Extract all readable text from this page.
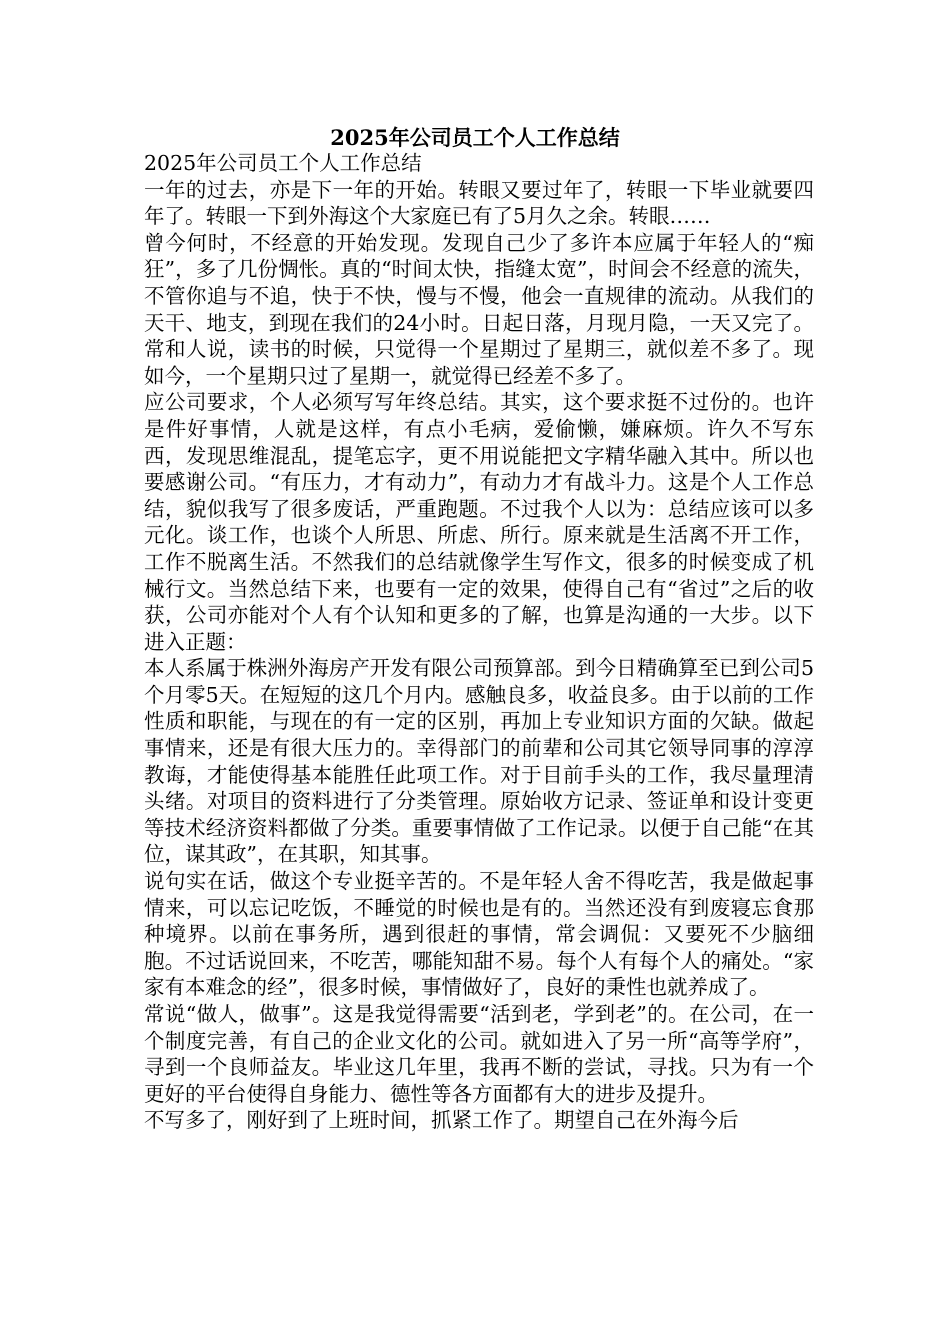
2025年公司员工个人工作总结

2025年公司员工个人工作总结

一年的过去，亦是下一年的开始。转眼又要过年了，转眼一下毕业就要四年了。转眼一下到外海这个大家庭已有了5月久之余。转眼……

曾今何时，不经意的开始发现。发现自己少了多许本应属于年轻人的“痴狂”，多了几份惆怅。真的“时间太快，指缝太宽”，时间会不经意的流失，不管你追与不追，快于不快，慢与不慢，他会一直规律的流动。从我们的天干、地支，到现在我们的24小时。日起日落，月现月隐，一天又完了。常和人说，读书的时候，只觉得一个星期过了星期三，就似差不多了。现如今，一个星期只过了星期一，就觉得已经差不多了。

应公司要求，个人必须写写年终总结。其实，这个要求挺不过份的。也许是件好事情，人就是这样，有点小毛病，爱偷懒，嫌麻烦。许久不写东西，发现思维混乱，提笔忘字，更不用说能把文字精华融入其中。所以也要感谢公司。“有压力，才有动力”，有动力才有战斗力。这是个人工作总结，貌似我写了很多废话，严重跑题。不过我个人以为：总结应该可以多元化。谈工作，也谈个人所思、所虑、所行。原来就是生活离不开工作，工作不脱离生活。不然我们的总结就像学生写作文，很多的时候变成了机械行文。当然总结下来，也要有一定的效果，使得自己有“省过”之后的收获，公司亦能对个人有个认知和更多的了解，也算是沟通的一大步。以下进入正题：

本人系属于株洲外海房产开发有限公司预算部。到今日精确算至已到公司5个月零5天。在短短的这几个月内。感触良多，收益良多。由于以前的工作性质和职能，与现在的有一定的区别，再加上专业知识方面的欠缺。做起事情来，还是有很大压力的。幸得部门的前辈和公司其它领导同事的淳淳教诲，才能使得基本能胜任此项工作。对于目前手头的工作，我尽量理清头绪。对项目的资料进行了分类管理。原始收方记录、签证单和设计变更等技术经济资料都做了分类。重要事情做了工作记录。以便于自己能“在其位，谋其政”，在其职，知其事。

说句实在话，做这个专业挺辛苦的。不是年轻人舍不得吃苦，我是做起事情来，可以忘记吃饭，不睡觉的时候也是有的。当然还没有到废寝忘食那种境界。以前在事务所，遇到很赶的事情，常会调侃：又要死不少脑细胞。不过话说回来，不吃苦，哪能知甜不易。每个人有每个人的痛处。“家家有本难念的经”，很多时候，事情做好了，良好的秉性也就养成了。

常说“做人，做事”。这是我觉得需要“活到老，学到老”的。在公司，在一个制度完善，有自己的企业文化的公司。就如进入了另一所“高等学府”，寻到一个良师益友。毕业这几年里，我再不断的尝试，寻找。只为有一个更好的平台使得自身能力、德性等各方面都有大的进步及提升。

不写多了，刚好到了上班时间，抓紧工作了。期望自己在外海今后
